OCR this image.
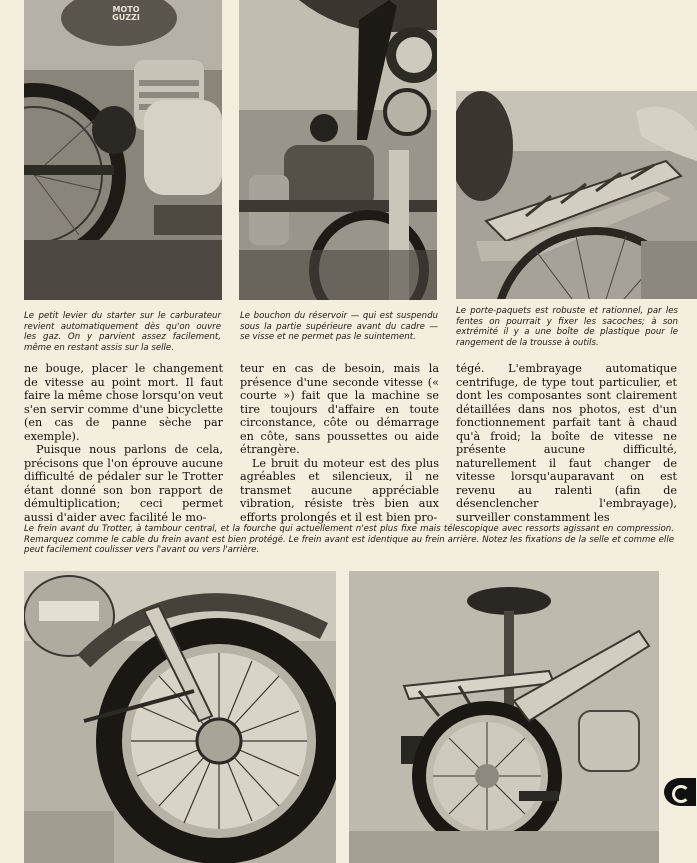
MOTO GUZZI

Le petit levier du starter sur le carburateur revient automatiquement dès qu'on ouvre les gaz. On y parvient assez facilement, même en restant assis sur la selle.

Le bouchon du réservoir — qui est suspendu sous la partie supérieure avant du cadre — se visse et ne permet pas le suintement.

Le porte-paquets est robuste et rationnel, par les fentes on pourrait y fixer les sacoches; à son extrémité il y a une boîte de plastique pour le rangement de la trousse à outils.

ne bouge, placer le changement de vitesse au point mort. Il faut faire la même chose lorsqu'on veut s'en servir comme d'une bicyclette (en cas de panne sèche par exemple).

Puisque nous parlons de cela, précisons que l'on éprouve aucune difficulté de pédaler sur le Trotter étant donné son bon rapport de démultiplication; ceci permet aussi d'aider avec facilité le mo-

teur en cas de besoin, mais la présence d'une seconde vitesse (« courte ») fait que la machine se tire toujours d'affaire en toute circonstance, côte ou démarrage en côte, sans poussettes ou aide étrangère.

Le bruit du moteur est des plus agréables et silencieux, il ne transmet aucune appréciable vibration, résiste très bien aux efforts prolongés et il est bien pro-

tégé. L'embrayage automatique centrifuge, de type tout particulier, et dont les composantes sont clairement détaillées dans nos photos, est d'un fonctionnement parfait tant à chaud qu'à froid; la boîte de vitesse ne présente aucune difficulté, naturellement il faut changer de vitesse lorsqu'auparavant on est revenu au ralenti (afin de désenclencher l'embrayage), surveiller constamment les

Le frein avant du Trotter, à tambour central, et la fourche qui actuellement n'est plus fixe mais télescopique avec ressorts agissant en compression. Remarquez comme le cable du frein avant est bien protégé. Le frein avant est identique au frein arrière. Notez les fixations de la selle et comme elle peut facilement coulisser vers l'avant ou vers l'arrière.
